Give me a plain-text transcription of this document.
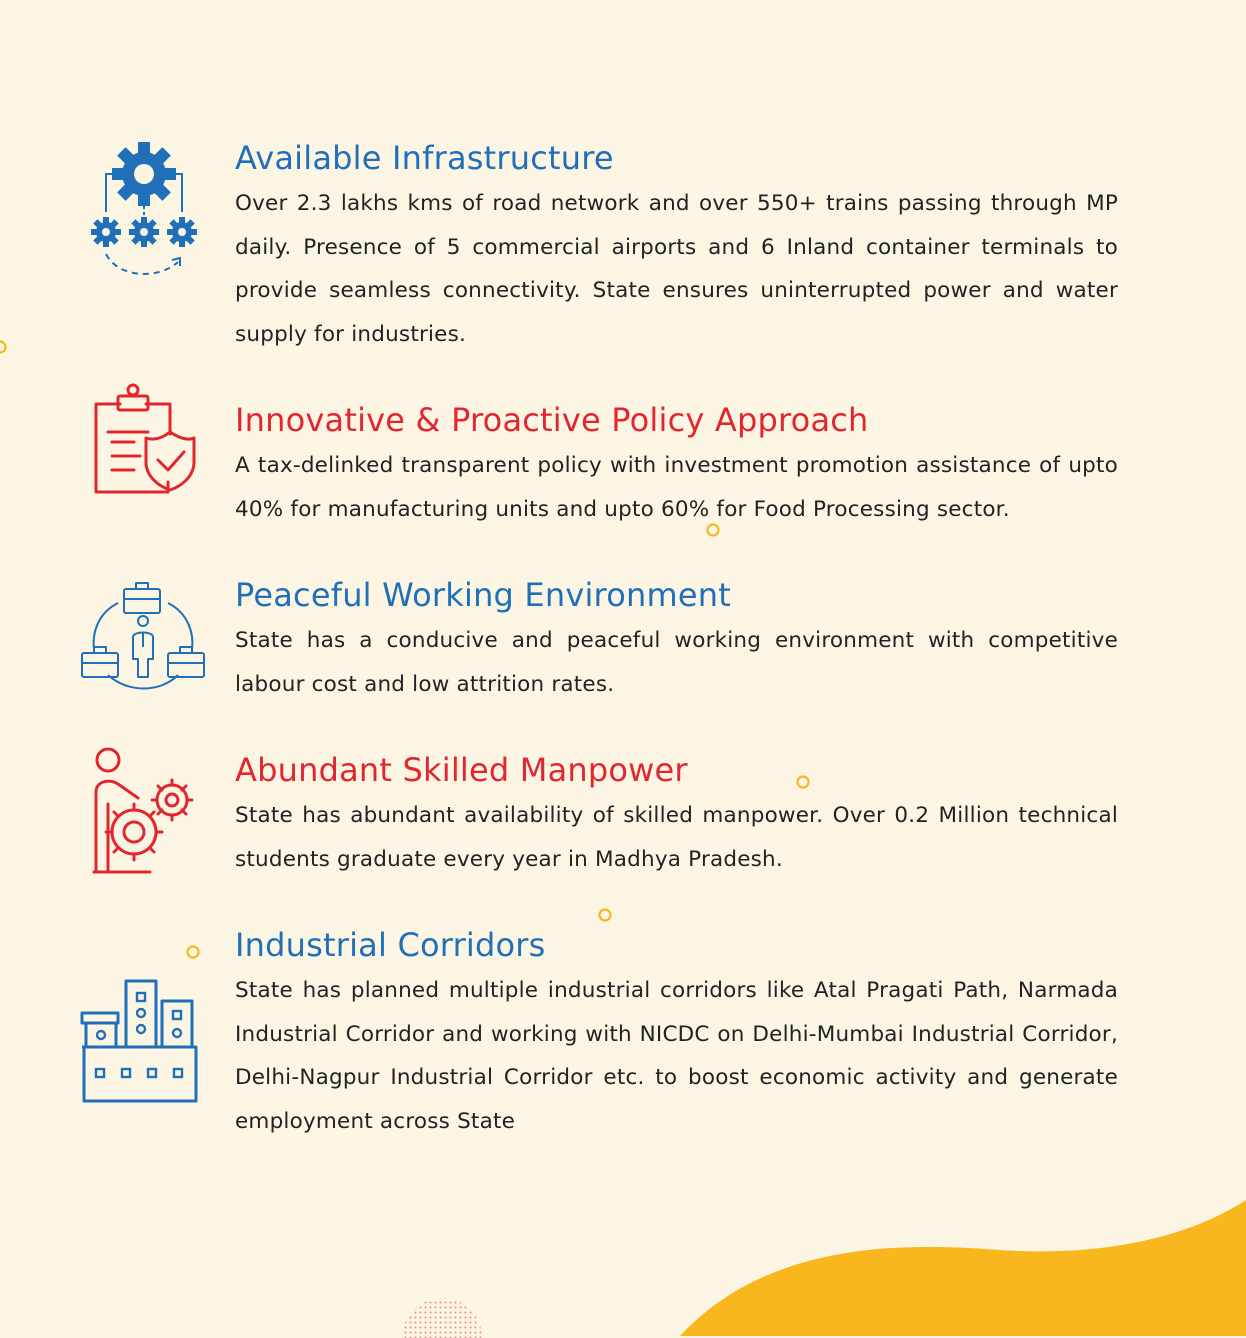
Available Infrastructure

Over 2.3 lakhs kms of road network and over 550+ trains passing through MP daily. Presence of 5 commercial airports and 6 Inland container terminals to provide seamless connectivity. State ensures uninterrupted power and water supply for industries.

Innovative & Proactive Policy Approach

A tax-delinked transparent policy with investment promotion assistance of upto 40% for manufacturing units and upto 60% for Food Processing sector.

Peaceful Working Environment

State has a conducive and peaceful working environment with competitive labour cost and low attrition rates.

Abundant Skilled Manpower

State has abundant availability of skilled manpower. Over 0.2 Million technical students graduate every year in Madhya Pradesh.

Industrial Corridors

State has planned multiple industrial corridors like Atal Pragati Path, Narmada Industrial Corridor and working with NICDC on Delhi-Mumbai Industrial Corridor, Delhi-Nagpur Industrial Corridor etc. to boost economic activity and generate employment across State
